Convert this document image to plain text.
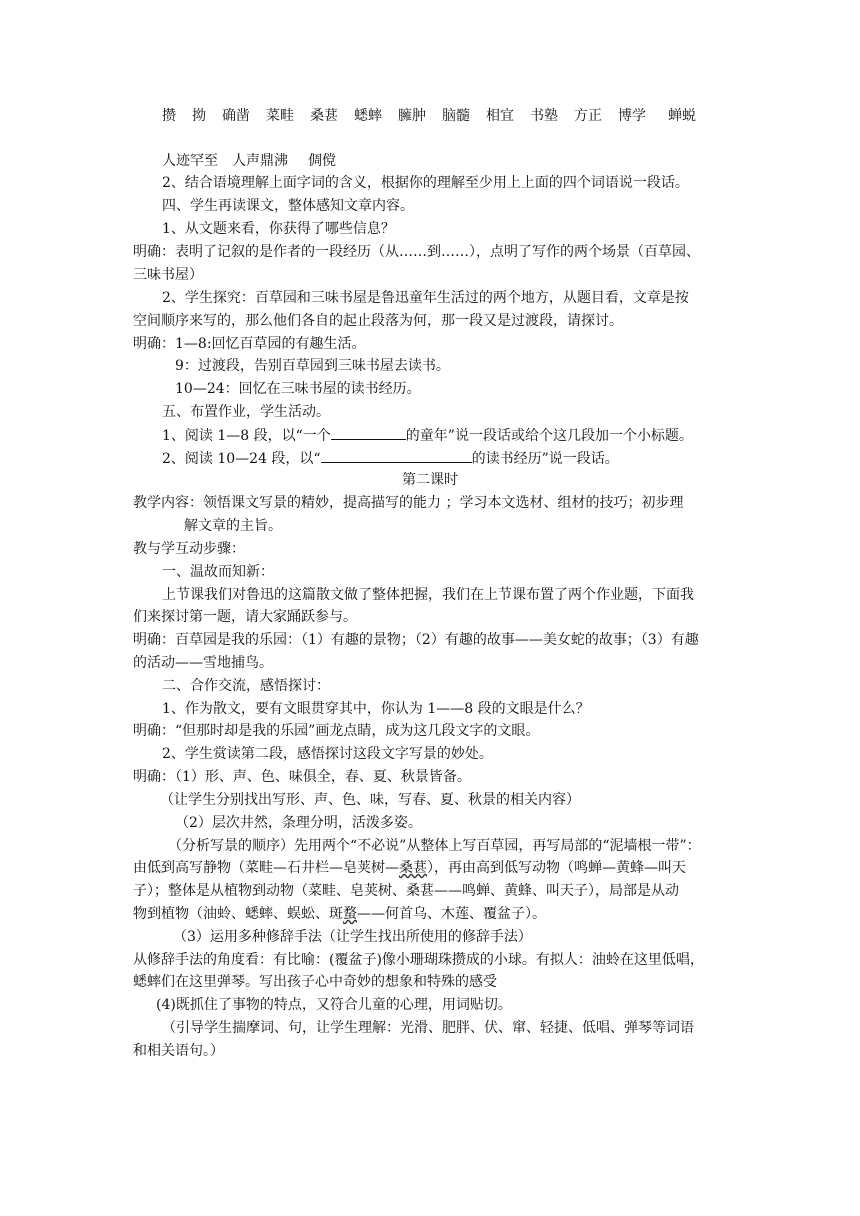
攒 拗 确凿 菜畦 桑葚 蟋蟀 臃肿 脑髓 相宜 书塾 方正 博学 蝉蜕
人迹罕至 人声鼎沸 倜傥
2、结合语境理解上面字词的含义，根据你的理解至少用上上面的四个词语说一段话。
四、学生再读课文，整体感知文章内容。
1、从文题来看，你获得了哪些信息？
明确：表明了记叙的是作者的一段经历（从……到……），点明了写作的两个场景（百草园、
三味书屋）
2、学生探究：百草园和三味书屋是鲁迅童年生活过的两个地方，从题目看，文章是按
空间顺序来写的，那么他们各自的起止段落为何，那一段又是过渡段，请探讨。
明确：1—8:回忆百草园的有趣生活。
9：过渡段，告别百草园到三味书屋去读书。
10—24：回忆在三味书屋的读书经历。
五、布置作业，学生活动。
1、阅读 1—8 段，以“一个	的童年”说一段话或给个这几段加一个小标题。
2、阅读 10—24 段，以“	的读书经历”说一段话。
第二课时
教学内容：领悟课文写景的精妙，提高描写的能力 ；学习本文选材、组材的技巧；初步理
解文章的主旨。
教与学互动步骤：
一、温故而知新：
上节课我们对鲁迅的这篇散文做了整体把握，我们在上节课布置了两个作业题，下面我
们来探讨第一题，请大家踊跃参与。
明确：百草园是我的乐园：（1）有趣的景物；（2）有趣的故事——美女蛇的故事；（3）有趣
的活动——雪地捕鸟。
二、合作交流，感悟探讨：
1、作为散文，要有文眼贯穿其中，你认为 1——8 段的文眼是什么？
明确：“但那时却是我的乐园”画龙点睛，成为这几段文字的文眼。
2、学生赏读第二段，感悟探讨这段文字写景的妙处。
明确：（1）形、声、色、味俱全，春、夏、秋景皆备。
（让学生分别找出写形、声、色、味，写春、夏、秋景的相关内容）
（2）层次井然，条理分明，活泼多姿。
（分析写景的顺序）先用两个“不必说”从整体上写百草园，再写局部的“泥墙根一带”：
由低到高写静物（菜畦—石井栏—皂荚树—桑葚），再由高到低写动物（鸣蝉—黄蜂—叫天
子）；整体是从植物到动物（菜畦、皂荚树、桑葚——鸣蝉、黄蜂、叫天子），局部是从动
物到植物（油蛉、蟋蟀、蜈蚣、斑蝥——何首乌、木莲、覆盆子）。
（3）运用多种修辞手法（让学生找出所使用的修辞手法）
从修辞手法的角度看：有比喻：(覆盆子)像小珊瑚珠攒成的小球。有拟人：油蛉在这里低唱，
蟋蟀们在这里弹琴。写出孩子心中奇妙的想象和特殊的感受
(4)既抓住了事物的特点，又符合儿童的心理，用词贴切。
（引导学生揣摩词、句，让学生理解：光滑、肥胖、伏、窜、轻捷、低唱、弹琴等词语
和相关语句。）
